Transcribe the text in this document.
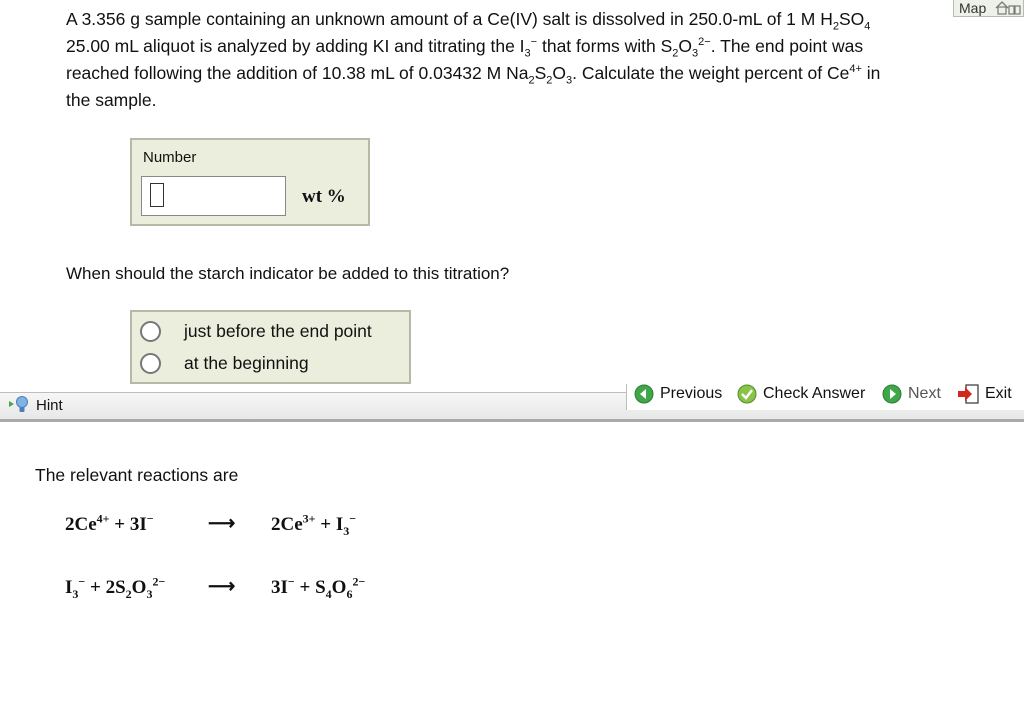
A 3.356 g sample containing an unknown amount of a Ce(IV) salt is dissolved in 250.0-mL of 1 M $H_2SO_4$
25.00 mL aliquot is analyzed by adding KI and titrating the $I_3^-$ that forms with $S_2O_3^{2-}$. The end point was
reached following the addition of 10.38 mL of 0.03432 M $Na_2S_2O_3$. Calculate the weight percent of $Ce^{4+}$ in
the sample.
Map
Number
wt %
When should the starch indicator be added to this titration?
just before the end point
at the beginning
Hint
Previous	Check Answer	Next	Exit
The relevant reactions are
$2Ce^{4+} + 3I^-$	⟶ $2Ce^{3+} + I_3^-$
$I_3^- + 2S_2O_3^{2-}$ ⟶ $3I^- + S_4O_6^{2-}$
